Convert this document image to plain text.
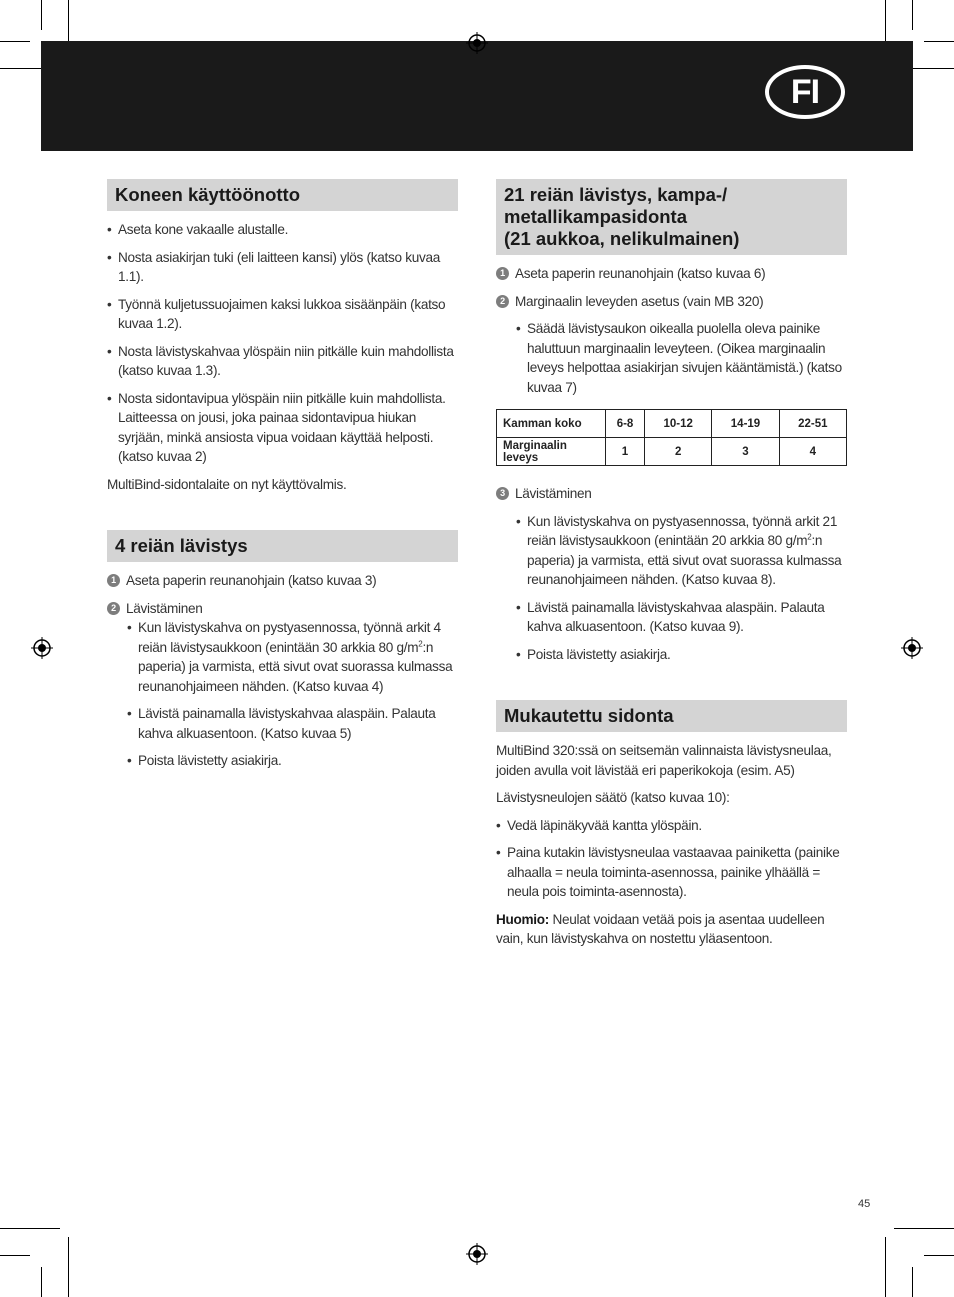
FI
Koneen käyttöönotto
• Aseta kone vakaalle alustalle.
• Nosta asiakirjan tuki (eli laitteen kansi) ylös (katso kuvaa 1.1).
• Työnnä kuljetussuojaimen kaksi lukkoa sisäänpäin (katso kuvaa 1.2).
• Nosta lävistyskahvaa ylöspäin niin pitkälle kuin mahdollista (katso kuvaa 1.3).
• Nosta sidontavipua ylöspäin niin pitkälle kuin mahdollista. Laitteessa on jousi, joka painaa sidontavipua hiukan syrjään, minkä ansiosta vipua voidaan käyttää helposti. (katso kuvaa 2)

MultiBind-sidontalaite on nyt käyttövalmis.

4 reiän lävistys
1 Aseta paperin reunanohjain (katso kuvaa 3)
2 Lävistäminen
• Kun lävistyskahva on pystyasennossa, työnnä arkit 4 reiän lävistysaukkoon (enintään 30 arkkia 80 $g/m^2:n$ paperia) ja varmista, että sivut ovat suorassa kulmassa reunanohjaimeen nähden. (Katso kuvaa 4)
• Lävistä painamalla lävistyskahvaa alaspäin. Palauta kahva alkuasentoon. (Katso kuvaa 5)
• Poista lävistetty asiakirja.
21 reiän lävistys, kampa-/
metallikampasidonta
(21 aukkoa, nelikulmainen)
1 Aseta paperin reunanohjain (katso kuvaa 6)
2 Marginaalin leveyden asetus (vain MB 320)
• Säädä lävistysaukon oikealla puolella oleva painike haluttuun marginaalin leveyteen. (Oikea marginaalin leveys helpottaa asiakirjan sivujen kääntämistä.) (katso kuvaa 7)
Kamman koko	6-8	10-12	14-19	22-51
Marginaalin leveys	1	2	3	4
3 Lävistäminen
• Kun lävistyskahva on pystyasennossa, työnnä arkit 21 reiän lävistysaukkoon (enintään 20 arkkia 80 $g/m^2:n$ paperia) ja varmista, että sivut ovat suorassa kulmassa reunanohjaimeen nähden. (Katso kuvaa 8).
• Lävistä painamalla lävistyskahvaa alaspäin. Palauta kahva alkuasentoon. (Katso kuvaa 9).
• Poista lävistetty asiakirja.
Mukautettu sidonta

MultiBind 320:ssä on seitsemän valinnaista lävistysneulaa, joiden avulla voit lävistää eri paperikokoja (esim. A5)

Lävistysneulojen säätö (katso kuvaa 10):

• Vedä läpinäkyvää kantta ylöspäin.
• Paina kutakin lävistysneulaa vastaavaa painiketta (painike alhaalla = neula toiminta-asennossa, painike ylhäällä = neula pois toiminta-asennosta).

Huomio: Neulat voidaan vetää pois ja asentaa uudelleen vain, kun lävistyskahva on nostettu yläasentoon.

45
